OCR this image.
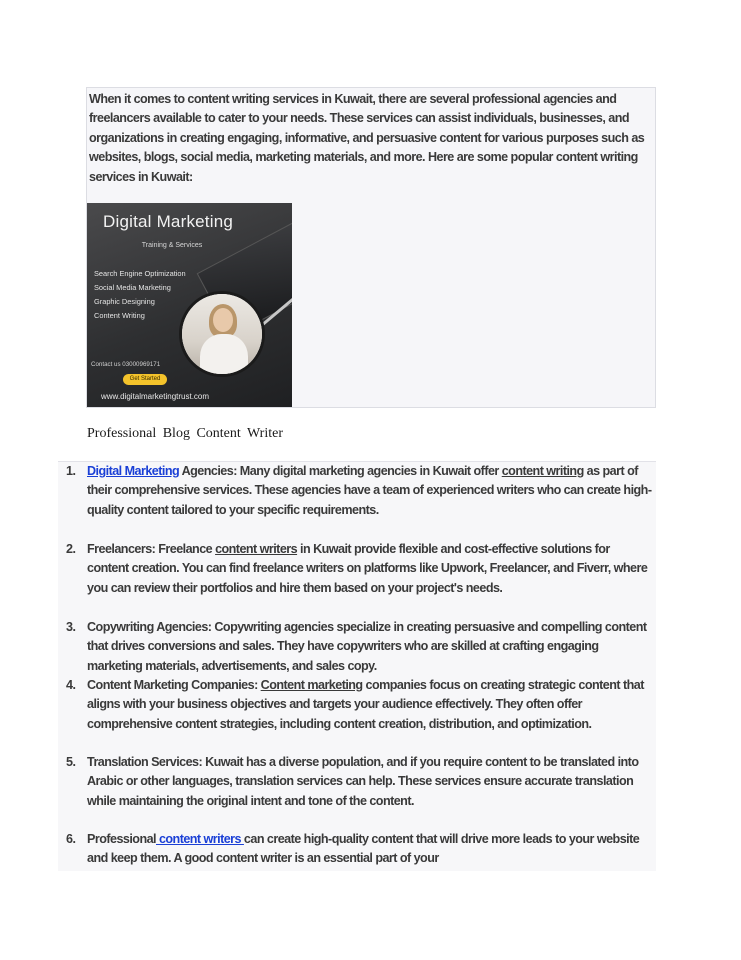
When it comes to content writing services in Kuwait, there are several professional agencies and freelancers available to cater to your needs. These services can assist individuals, businesses, and organizations in creating engaging, informative, and persuasive content for various purposes such as websites, blogs, social media, marketing materials, and more. Here are some popular content writing services in Kuwait:

Digital Marketing
Training & Services
Search Engine Optimization
Social Media Marketing
Graphic Designing
Content Writing
Contact us 03000969171
Get Started
www.digitalmarketingtrust.com

Professional Blog Content Writer

1. Digital Marketing Agencies: Many digital marketing agencies in Kuwait offer content writing as part of their comprehensive services. These agencies have a team of experienced writers who can create high-quality content tailored to your specific requirements.

2. Freelancers: Freelance content writers in Kuwait provide flexible and cost-effective solutions for content creation. You can find freelance writers on platforms like Upwork, Freelancer, and Fiverr, where you can review their portfolios and hire them based on your project's needs.

3. Copywriting Agencies: Copywriting agencies specialize in creating persuasive and compelling content that drives conversions and sales. They have copywriters who are skilled at crafting engaging marketing materials, advertisements, and sales copy.

4. Content Marketing Companies: Content marketing companies focus on creating strategic content that aligns with your business objectives and targets your audience effectively. They often offer comprehensive content strategies, including content creation, distribution, and optimization.

5. Translation Services: Kuwait has a diverse population, and if you require content to be translated into Arabic or other languages, translation services can help. These services ensure accurate translation while maintaining the original intent and tone of the content.

6. Professional content writers can create high-quality content that will drive more leads to your website and keep them. A good content writer is an essential part of your
